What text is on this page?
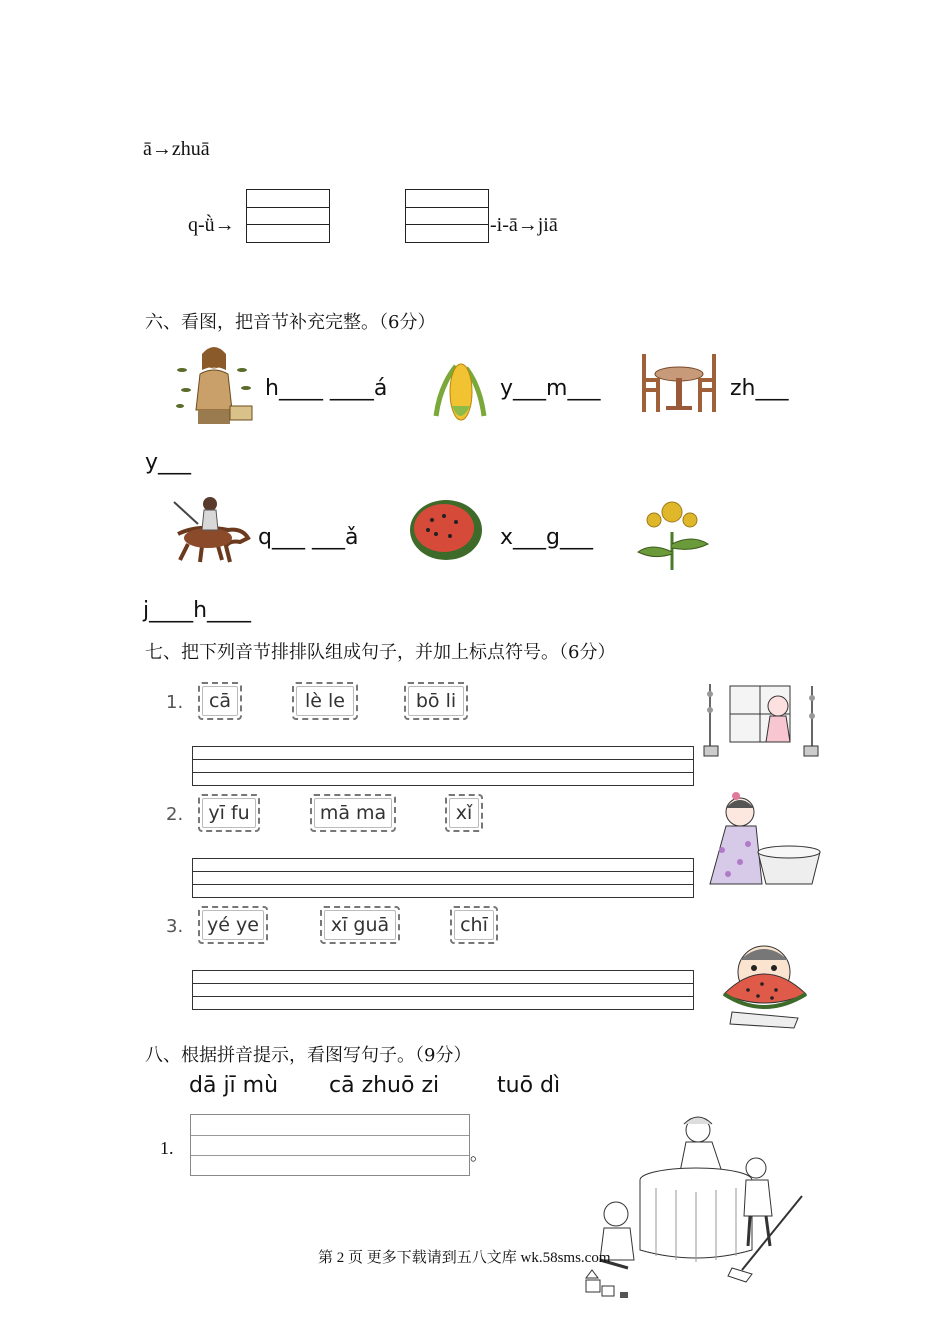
ā→zhuā
q-ǜ→	-i-ā→jiā
六、看图，把音节补充完整。（6分）
h____ ____á	y___m___	zh___
y___
q___ ___ǎ	x___g___
j____h____
七、把下列音节排排队组成句子，并加上标点符号。（6分）
1. cā	lè le	bō li
2. yī fu	mā ma	xǐ
3. yé ye	xī guā	chī
八、根据拼音提示，看图写句子。（9分）
dā jī mù cā zhuō zi	tuō dì
1.	。
第 2 页 更多下载请到五八文库 wk.58sms.com
